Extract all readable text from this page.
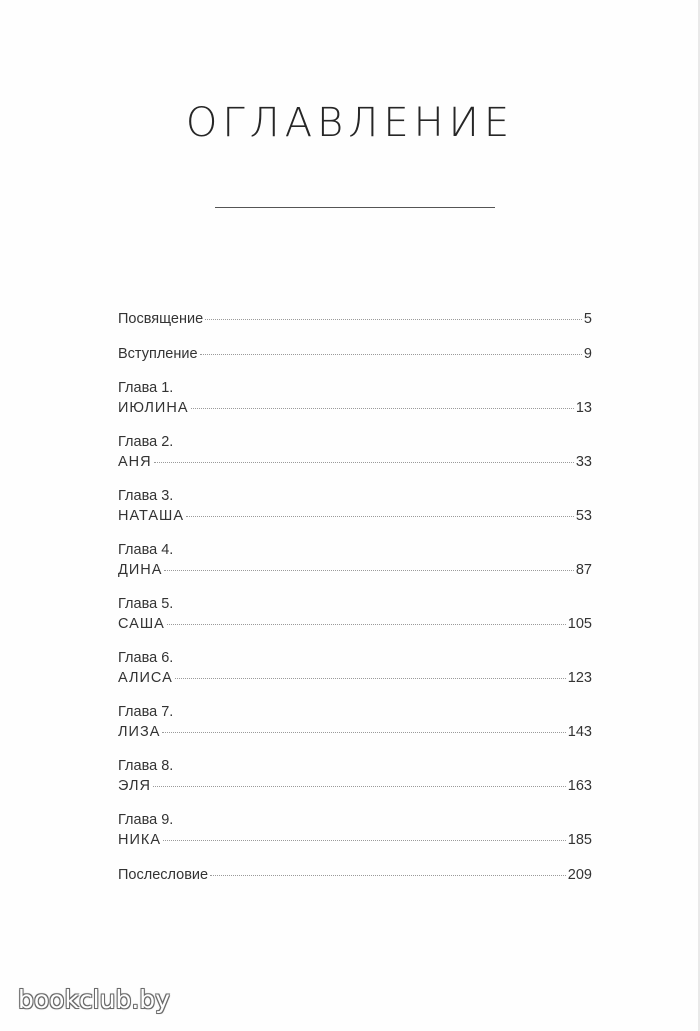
ОГЛАВЛЕНИЕ
Посвящение	5
Вступление	9
Глава 1.
ИЮЛИНА	13
Глава 2.
АНЯ	33
Глава 3.
НАТАША	53
Глава 4.
ДИНА	87
Глава 5.
САША	105
Глава 6.
АЛИСА	123
Глава 7.
ЛИЗА	143
Глава 8.
ЭЛЯ	163
Глава 9.
НИКА	185
Послесловие	209
bookclub.by
